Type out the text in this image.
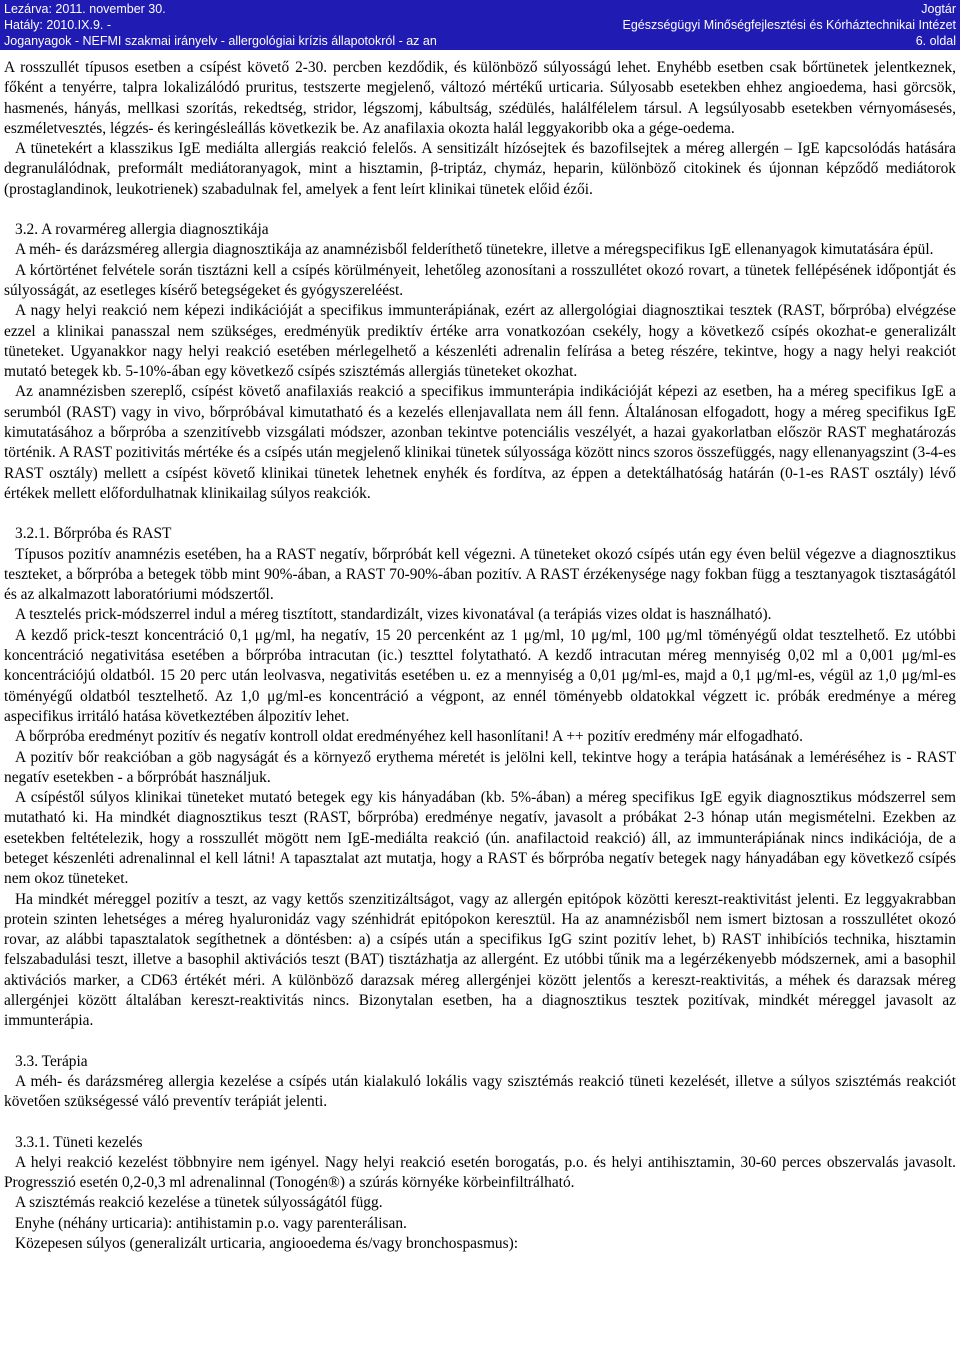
Lezárva: 2011. november 30.
Hatály: 2010.IX.9. -
Joganyagok - NEFMI szakmai irányelv - allergológiai krízis állapotokról - az an
Jogtár
Egészségügyi Minőségfejlesztési és Kórháztechnikai Intézet
6. oldal

A rosszullét típusos esetben a csípést követő 2-30. percben kezdődik, és különböző súlyosságú lehet. Enyhébb esetben csak bőrtünetek jelentkeznek, főként a tenyérre, talpra lokalizálódó pruritus, testszerte megjelenő, változó mértékű urticaria. Súlyosabb esetekben ehhez angioedema, hasi görcsök, hasmenés, hányás, mellkasi szorítás, rekedtség, stridor, légszomj, kábultság, szédülés, halálfélelem társul. A legsúlyosabb esetekben vérnyomásesés, eszméletvesztés, légzés- és keringésleállás következik be. Az anafilaxia okozta halál leggyakoribb oka a gége-oedema.

A tünetekért a klasszikus IgE mediálta allergiás reakció felelős. A sensitizált hízósejtek és bazofilsejtek a méreg allergén – IgE kapcsolódás hatására degranulálódnak, preformált mediátoranyagok, mint a hisztamin, β-triptáz, chymáz, heparin, különböző citokinek és újonnan képződő mediátorok (prostaglandinok, leukotrienek) szabadulnak fel, amelyek a fent leírt klinikai tünetek előid ézői.

3.2. A rovarméreg allergia diagnosztikája

A méh- és darázsméreg allergia diagnosztikája az anamnézisből felderíthető tünetekre, illetve a méregspecifikus IgE ellenanyagok kimutatására épül.

A kórtörténet felvétele során tisztázni kell a csípés körülményeit, lehetőleg azonosítani a rosszullétet okozó rovart, a tünetek fellépésének időpontját és súlyosságát, az esetleges kísérő betegségeket és gyógyszereléést.

A nagy helyi reakció nem képezi indikációját a specifikus immunterápiának, ezért az allergológiai diagnosztikai tesztek (RAST, bőrpróba) elvégzése ezzel a klinikai panasszal nem szükséges, eredményük prediktív értéke arra vonatkozóan csekély, hogy a következő csípés okozhat-e generalizált tüneteket. Ugyanakkor nagy helyi reakció esetében mérlegelhető a készenléti adrenalin felírása a beteg részére, tekintve, hogy a nagy helyi reakciót mutató betegek kb. 5-10%-ában egy következő csípés szisztémás allergiás tüneteket okozhat.

Az anamnézisben szereplő, csípést követő anafilaxiás reakció a specifikus immunterápia indikációját képezi az esetben, ha a méreg specifikus IgE a serumból (RAST) vagy in vivo, bőrpróbával kimutatható és a kezelés ellenjavallata nem áll fenn. Általánosan elfogadott, hogy a méreg specifikus IgE kimutatásához a bőrpróba a szenzitívebb vizsgálati módszer, azonban tekintve potenciális veszélyét, a hazai gyakorlatban először RAST meghatározás történik. A RAST pozitivitás mértéke és a csípés után megjelenő klinikai tünetek súlyossága között nincs szoros összefüggés, nagy ellenanyagszint (3-4-es RAST osztály) mellett a csípést követő klinikai tünetek lehetnek enyhék és fordítva, az éppen a detektálhatóság határán (0-1-es RAST osztály) lévő értékek mellett előfordulhatnak klinikailag súlyos reakciók.

3.2.1. Bőrpróba és RAST

Típusos pozitív anamnézis esetében, ha a RAST negatív, bőrpróbát kell végezni. A tüneteket okozó csípés után egy éven belül végezve a diagnosztikus teszteket, a bőrpróba a betegek több mint 90%-ában, a RAST 70-90%-ában pozitív. A RAST érzékenysége nagy fokban függ a tesztanyagok tisztaságától és az alkalmazott laboratóriumi módszertől.

A tesztelés prick-módszerrel indul a méreg tisztított, standardizált, vizes kivonatával (a terápiás vizes oldat is használható).

A kezdő prick-teszt koncentráció 0,1 μg/ml, ha negatív, 15 20 percenként az 1 μg/ml, 10 μg/ml, 100 μg/ml töményégű oldat tesztelhető. Ez utóbbi koncentráció negativitása esetében a bőrpróba intracutan (ic.) teszttel folytatható. A kezdő intracutan méreg mennyiség 0,02 ml a 0,001 μg/ml-es koncentrációjú oldatból. 15 20 perc után leolvasva, negativitás esetében u. ez a mennyiség a 0,01 μg/ml-es, majd a 0,1 μg/ml-es, végül az 1,0 μg/ml-es töményégű oldatból tesztelhető. Az 1,0 μg/ml-es koncentráció a végpont, az ennél töményebb oldatokkal végzett ic. próbák eredménye a méreg aspecifikus irritáló hatása következtében álpozitív lehet.

A bőrpróba eredményt pozitív és negatív kontroll oldat eredményéhez kell hasonlítani! A ++ pozitív eredmény már elfogadható.

A pozitív bőr reakcióban a göb nagyságát és a környező erythema méretét is jelölni kell, tekintve hogy a terápia hatásának a leméréséhez is - RAST negatív esetekben - a bőrpróbát használjuk.

A csípéstől súlyos klinikai tüneteket mutató betegek egy kis hányadában (kb. 5%-ában) a méreg specifikus IgE egyik diagnosztikus módszerrel sem mutatható ki. Ha mindkét diagnosztikus teszt (RAST, bőrpróba) eredménye negatív, javasolt a próbákat 2-3 hónap után megismételni. Ezekben az esetekben feltételezik, hogy a rosszullét mögött nem IgE-mediálta reakció (ún. anafilactoid reakció) áll, az immunterápiának nincs indikációja, de a beteget készenléti adrenalinnal el kell látni! A tapasztalat azt mutatja, hogy a RAST és bőrpróba negatív betegek nagy hányadában egy következő csípés nem okoz tüneteket.

Ha mindkét méreggel pozitív a teszt, az vagy kettős szenzitizáltságot, vagy az allergén epitópok közötti kereszt-reaktivitást jelenti. Ez leggyakrabban protein szinten lehetséges a méreg hyaluronidáz vagy szénhidrát epitópokon keresztül. Ha az anamnézisből nem ismert biztosan a rosszullétet okozó rovar, az alábbi tapasztalatok segíthetnek a döntésben: a) a csípés után a specifikus IgG szint pozitív lehet, b) RAST inhibíciós technika, hisztamin felszabadulási teszt, illetve a basophil aktivációs teszt (BAT) tisztázhatja az allergént. Ez utóbbi tűnik ma a legérzékenyebb módszernek, ami a basophil aktivációs marker, a CD63 értékét méri. A különböző darazsak méreg allergénjei között jelentős a kereszt-reaktivitás, a méhek és darazsak méreg allergénjei között általában kereszt-reaktivitás nincs. Bizonytalan esetben, ha a diagnosztikus tesztek pozitívak, mindkét méreggel javasolt az immunterápia.

3.3. Terápia

A méh- és darázsméreg allergia kezelése a csípés után kialakuló lokális vagy szisztémás reakció tüneti kezelését, illetve a súlyos szisztémás reakciót követően szükségessé váló preventív terápiát jelenti.

3.3.1. Tüneti kezelés

A helyi reakció kezelést többnyire nem igényel. Nagy helyi reakció esetén borogatás, p.o. és helyi antihisztamin, 30-60 perces obszervalás javasolt. Progresszió esetén 0,2-0,3 ml adrenalinnal (Tonogén®) a szúrás környéke körbeinfiltrálható.

A szisztémás reakció kezelése a tünetek súlyosságától függ.

Enyhe (néhány urticaria): antihistamin p.o. vagy parenterálisan.

Közepesen súlyos (generalizált urticaria, angiooedema és/vagy bronchospasmus):
